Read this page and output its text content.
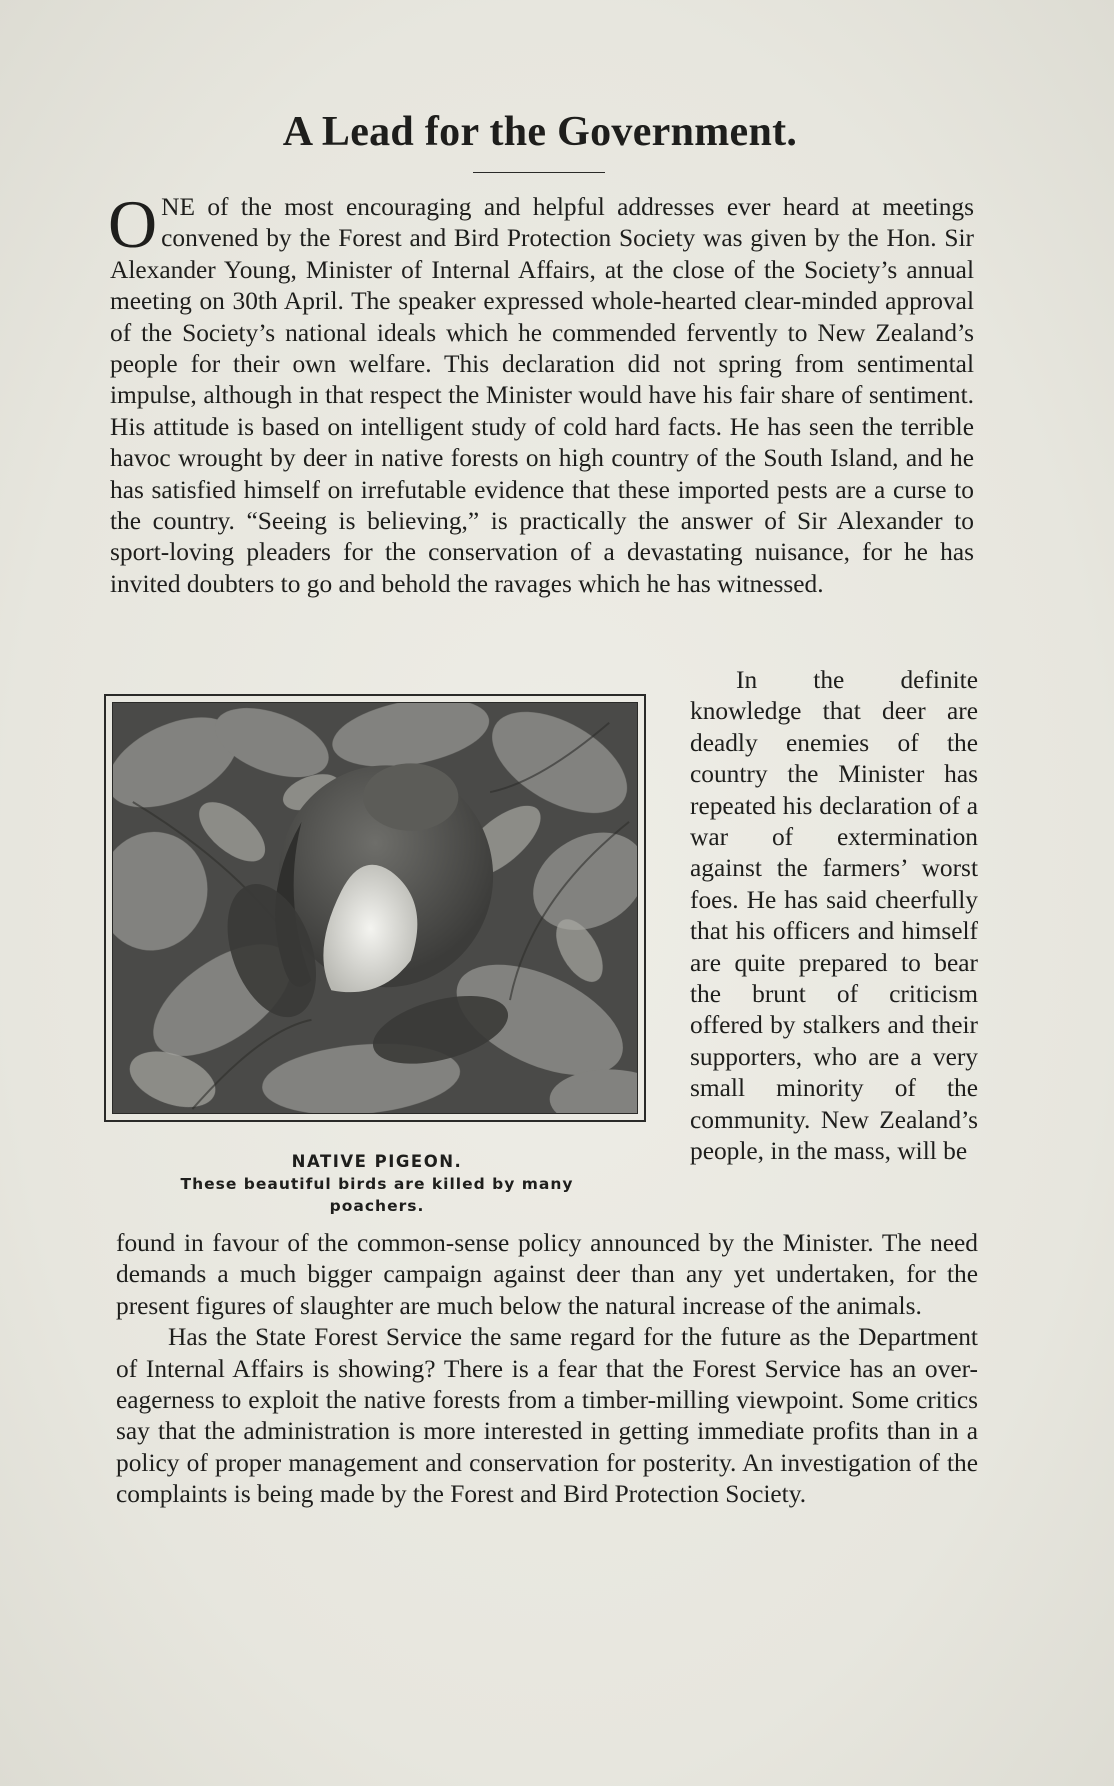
A Lead for the Government.

ONE of the most encouraging and helpful addresses ever heard at meetings convened by the Forest and Bird Protection Society was given by the Hon. Sir Alexander Young, Minister of Internal Affairs, at the close of the Society’s annual meeting on 30th April. The speaker expressed whole-hearted clear-minded approval of the Society’s national ideals which he commended fervently to New Zealand’s people for their own welfare. This declaration did not spring from sentimental impulse, although in that respect the Minister would have his fair share of sentiment. His attitude is based on intelligent study of cold hard facts. He has seen the terrible havoc wrought by deer in native forests on high country of the South Island, and he has satisfied himself on irrefutable evidence that these imported pests are a curse to the country. “Seeing is believing,” is practically the answer of Sir Alexander to sport-loving pleaders for the conservation of a devastating nuisance, for he has invited doubters to go and behold the ravages which he has witnessed.

NATIVE PIGEON.
These beautiful birds are killed by many poachers.

In the definite knowledge that deer are deadly enemies of the country the Minister has repeated his declaration of a war of extermination against the farmers’ worst foes. He has said cheerfully that his officers and himself are quite prepared to bear the brunt of criticism offered by stalkers and their supporters, who are a very small minority of the community. New Zealand’s people, in the mass, will be

found in favour of the common-sense policy announced by the Minister. The need demands a much bigger campaign against deer than any yet undertaken, for the present figures of slaughter are much below the natural increase of the animals.

Has the State Forest Service the same regard for the future as the Department of Internal Affairs is showing? There is a fear that the Forest Service has an over-eagerness to exploit the native forests from a timber-milling viewpoint. Some critics say that the administration is more interested in getting immediate profits than in a policy of proper management and conservation for posterity. An investigation of the complaints is being made by the Forest and Bird Protection Society.
